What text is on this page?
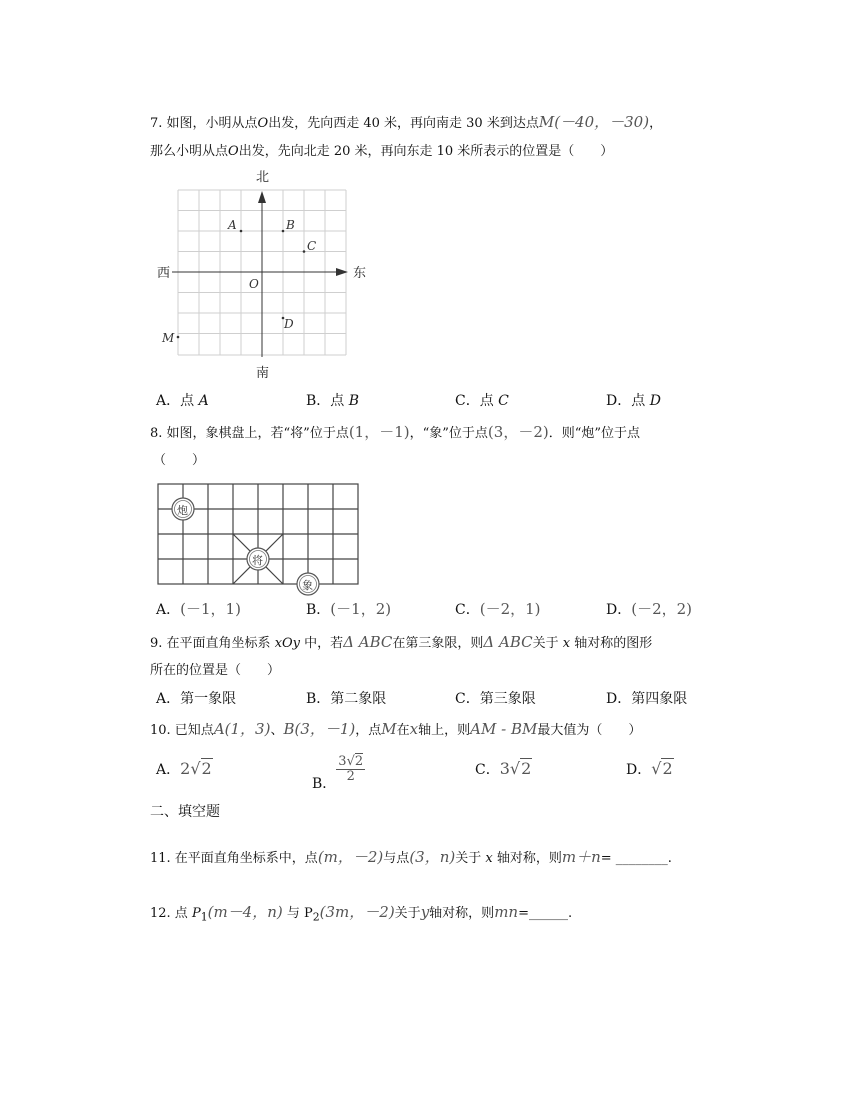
7. 如图，小明从点O出发，先向西走 40 米，再向南走 30 米到达点M(－40，－30)，
那么小明从点O出发，先向北走 20 米，再向东走 10 米所表示的位置是（　　）
北
南
东
西
O
A	B
C
D
M
A．点 A	B．点 B	C．点 C	D．点 D
8. 如图，象棋盘上，若“将”位于点(1，－1)，“象”位于点(3，－2)．则“炮”位于点
（　　）
炮
将
象
A．(－1，1)	B．(－1，2)	C．(－2，1)	D．(－2，2)
9. 在平面直角坐标系 xOy 中，若Δ ABC在第三象限，则Δ ABC关于 x 轴对称的图形
所在的位置是（　　）
A．第一象限	B．第二象限	C．第三象限	D．第四象限
10. 已知点A(1，3)、B(3，－1)，点M在x轴上，则AM - BM最大值为（　　）
A．2√2
B． $\frac{3√2}{2}$	C．3√2	D．√2
二、填空题
11. 在平面直角坐标系中，点(m，－2)与点(3，n)关于 x 轴对称，则m＋n= ________.
12. 点 $P_1(m-4$，n) 与 $P_2(3m$，－2)关于y轴对称，则mn=______.
